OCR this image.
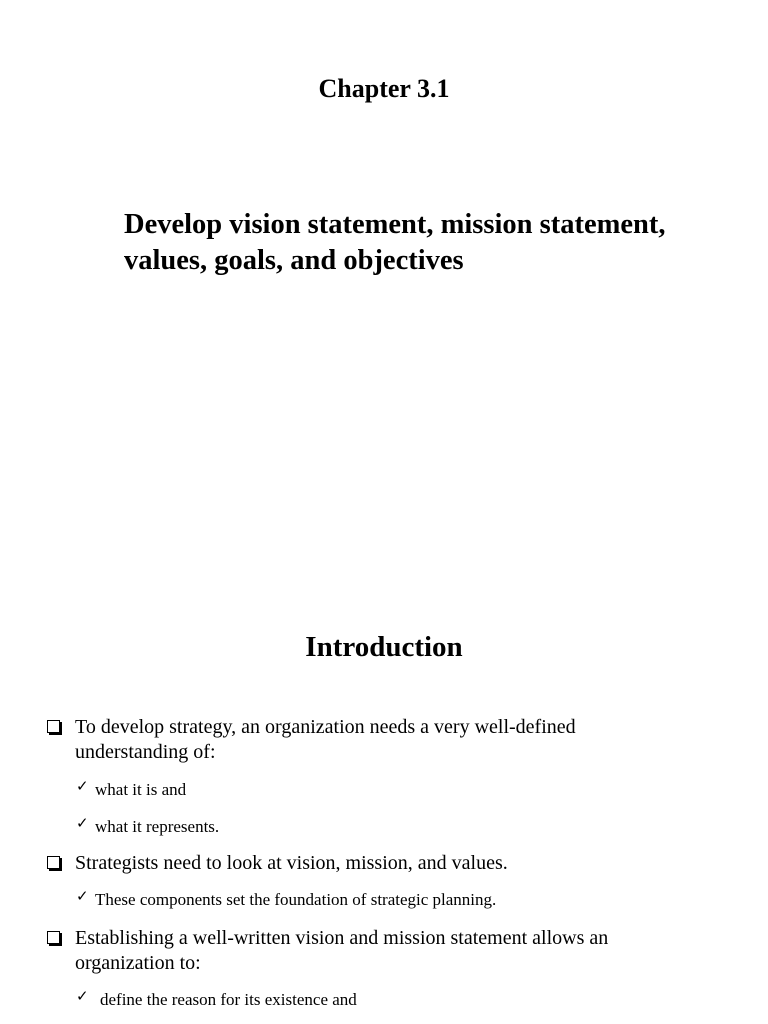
Chapter 3.1
Develop vision statement, mission statement, values, goals, and objectives
Introduction
To develop strategy, an organization needs a very well-defined understanding of:
✓ what it is and
✓ what it represents.
Strategists need to look at vision, mission, and values.
✓ These components set the foundation of strategic planning.
Establishing a well-written vision and mission statement allows an organization to:
✓ define the reason for its existence and
